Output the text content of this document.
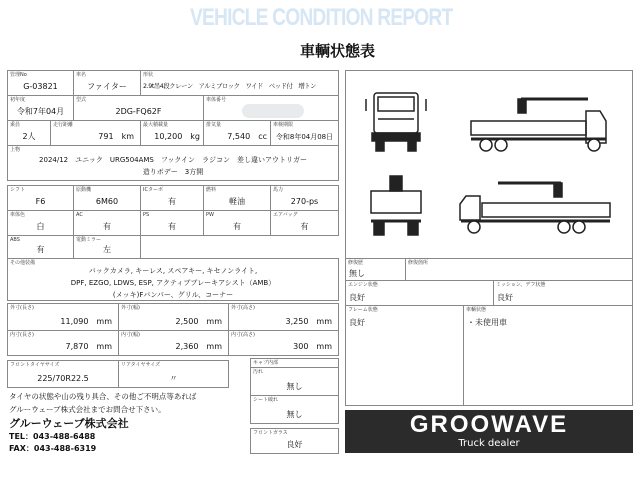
VEHICLE CONDITION REPORT
車輌状態表
管理No
G-03821
車名
ファイター
形状
2.9t吊4段クレーン　アルミブロック　ワイド　ベッド付　増トン
初年度
令和7年04月
型式
2DG-FQ62F
車体番号
乗員
2人
走行距離
791　km
最大積載量
10,200　kg
排気量
7,540　cc
車検期限
令和8年04月08日
上物
2024/12　ユニック　URG504AMS　フックイン　ラジコン　差し違いアウトリガー
造りボデー　3方開
シフト
F6
原動機
6M60
ICターボ
有
燃料
軽油
馬力
270-ps
車体色
白
AC
有
PS
有
PW
有
エアバッグ
有
ABS
有
電動ミラー
左
その他装備
バックカメラ, キーレス, スペアキー, キセノンライト,
DPF, EZGO, LDWS, ESP, アクティブブレーキアシスト（AMB）
(メッキ)Fバンパー、グリル、コーナー
外寸(長さ)
11,090　mm
外寸(幅)
2,500　mm
外寸(高さ)
3,250　mm
内寸(長さ)
7,870　mm
内寸(幅)
2,360　mm
内寸(高さ)
300　mm
フロントタイヤサイズ
225/70R22.5
リアタイヤサイズ
〃
タイヤの状態や山の残り具合、その他ご不明点等あれば
グルーウェーブ株式会社までお問合せ下さい。
グルーウェーブ株式会社
TEL：043-488-6488
FAX：043-488-6319
キャブ内部
汚れ
無し
シート破れ
無し
フロントガラス
良好
修復歴
無し
修復箇所
エンジン状態
良好
ミッション、デフ状態
良好
フレーム状態
良好
車輌状態
・未使用車
GROOWAVE
Truck dealer
